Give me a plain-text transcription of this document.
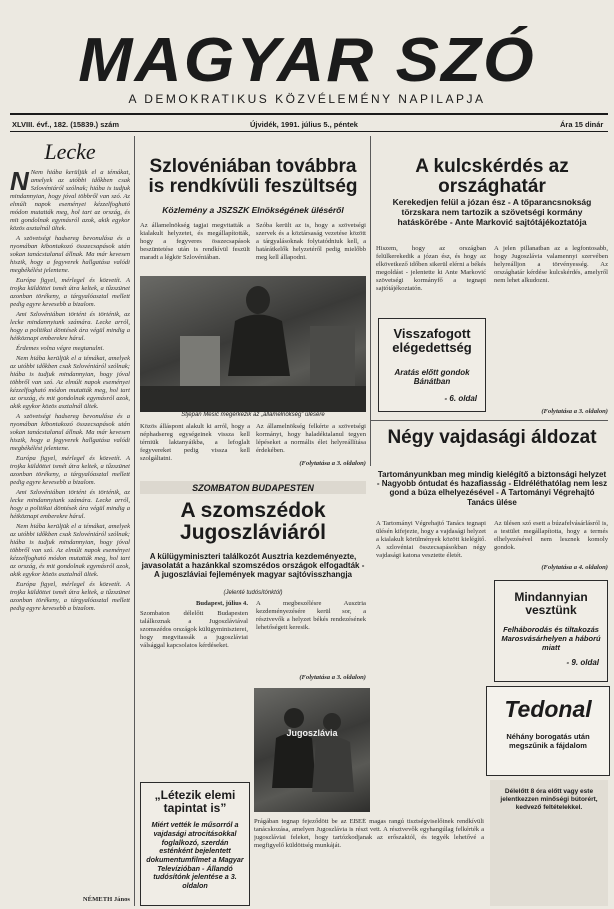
MAGYAR SZÓ
A DEMOKRATIKUS KÖZVÉLEMÉNY NAPILAPJA
XLVIII. évf., 182. (15839.) szám	Újvidék, 1991. július 5., péntek	Ára 15 dinár
Lecke

N Nem hiába kerüljük el a témákat, amelyek az utóbbi időkben csak Szlovéniáról szólnak; hiába is tudjuk mindannyian, hogy jóval többről van szó. Az elmúlt napok eseményei kézzelfogható módon mutatták meg, hol tart az ország, és mit gondolnak egymásról azok, akik egykor közös asztalnál ültek.

A szövetségi hadsereg bevonulása és a nyomában kibontakozó összecsapások után sokan tanácstalanul állnak. Ma már kevesen hiszik, hogy a fegyverek hallgatása valódi megbékélést jelentene.

Európa figyel, mérlegel és közvetít. A trojka küldöttei ismét útra keltek, a tűzszünet azonban törékeny, a tárgyalóasztal mellett pedig egyre kevesebb a bizalom.

Ami Szlovéniában történt és történik, az lecke mindannyiunk számára. Lecke arról, hogy a politikai döntések ára végül mindig a hétköznapi emberekre hárul.

Érdemes volna végre megtanulni.

Nem hiába kerüljük el a témákat, amelyek az utóbbi időkben csak Szlovéniáról szólnak; hiába is tudjuk mindannyian, hogy jóval többről van szó. Az elmúlt napok eseményei kézzelfogható módon mutatták meg, hol tart az ország, és mit gondolnak egymásról azok, akik egykor közös asztalnál ültek.

A szövetségi hadsereg bevonulása és a nyomában kibontakozó összecsapások után sokan tanácstalanul állnak. Ma már kevesen hiszik, hogy a fegyverek hallgatása valódi megbékélést jelentene.

Európa figyel, mérlegel és közvetít. A trojka küldöttei ismét útra keltek, a tűzszünet azonban törékeny, a tárgyalóasztal mellett pedig egyre kevesebb a bizalom.

Ami Szlovéniában történt és történik, az lecke mindannyiunk számára. Lecke arról, hogy a politikai döntések ára végül mindig a hétköznapi emberekre hárul.

Nem hiába kerüljük el a témákat, amelyek az utóbbi időkben csak Szlovéniáról szólnak; hiába is tudjuk mindannyian, hogy jóval többről van szó. Az elmúlt napok eseményei kézzelfogható módon mutatták meg, hol tart az ország, és mit gondolnak egymásról azok, akik egykor közös asztalnál ültek.

Európa figyel, mérlegel és közvetít. A trojka küldöttei ismét útra keltek, a tűzszünet azonban törékeny, a tárgyalóasztal mellett pedig egyre kevesebb a bizalom.

NÉMETH János
Szlovéniában továbbra is rendkívüli feszültség
Közlemény a JSZSZK Elnökségének üléséről
Az államelnökség tagjai megvitatták a kialakult helyzetet, és megállapították, hogy a fegyveres összecsapások beszüntetése után is rendkívül feszült maradt a légkör Szlovéniában.
Szóba került az is, hogy a szövetségi szervek és a köztársaság vezetése között a tárgyalásoknak folytatódniuk kell, a határátkelők helyzetéről pedig mielőbb meg kell állapodni.
Stjepan Mesić megérkezik az „államelnökség” ülésére
Közös álláspont alakult ki arról, hogy a néphadsereg egységeinek vissza kell térniük laktanyáikba, a lefoglalt fegyvereket pedig vissza kell szolgáltatni.
Az államelnökség felkérte a szövetségi kormányt, hogy haladéktalanul tegyen lépéseket a normális élet helyreállítása érdekében.
(Folytatása a 3. oldalon)
A kulcskérdés az országhatár
Kerekedjen felül a józan ész - A tőparancsnokság törzskara nem tartozik a szövetségi kormány hatáskörébe - Ante Marković sajtótájékoztatója
Hiszem, hogy az országban felülkerekedik a józan ész, és hogy az elkövetkező időben sikerül elérni a békés megoldást - jelentette ki Ante Marković szövetségi kormányfő a tegnapi sajtótájékoztatón.
A jelen pillanatban az a legfontosabb, hogy Jugoszlávia valamennyi szervében helyreálljon a törvényesség. Az országhatár kérdése kulcskérdés, amelyről nem lehet alkudozni.
(Folytatása a 3. oldalon)
Visszafogott elégedettség
Aratás előtt gondok Bánátban
- 6. oldal
Négy vajdasági áldozat
Tartományunkban meg mindig kielégítő a biztonsági helyzet - Nagyobb óntudat és hazafiasság - Eldréléthatólag nem lesz gond a búza elhelyezésével - A Tartományi Végrehajtó Tanács ülése
A Tartományi Végrehajtó Tanács tegnapi ülésén kifejezte, hogy a vajdasági helyzet a kialakult körülmények között kielégítő. A szlovéniai összecsapásokban négy vajdasági katona vesztette életét.
Az ülésen szó esett a búzafelvásárlásról is, a testület megállapította, hogy a termés elhelyezésével nem lesznek komoly gondok.
(Folytatása a 4. oldalon)
Mindannyian vesztünk
Felháborodás és tiltakozás Marosvásárhelyen a háború miatt
- 9. oldal
SZOMBATON BUDAPESTEN
A szomszédok Jugoszláviáról
A külügyminiszteri találkozót Ausztria kezdeményezte, javasolatát a hazánkkal szomszédos országok elfogadták - A jugoszláviai fejlemények magyar sajtóvisszhangja
(Jelenté tudósítónktól)
Budapest, július 4.
Szombaton délelőtt Budapesten találkoznak a Jugoszláviával szomszédos országok külügyminiszterei, hogy megvitassák a jugoszláviai válsággal kapcsolatos kérdéseket.
A megbeszélésre Ausztria kezdeményezésére kerül sor, a résztvevők a helyzet békés rendezésének lehetőségeit keresik.
(Folytatása a 3. oldalon)
Jugoszlávia
„Létezik elemi tapintat is”
Miért vették le műsorról a vajdasági atrocitásokkal foglalkozó, szerdán esténként bejelentett dokumentumfilmet a Magyar Televízióban - Állandó tudósítónk jelentése a 3. oldalon
Prágában tegnap fejeződött be az EBEÉ magas rangú tisztségviselőinek rendkívüli tanácskozása, amelyen Jugoszlávia is részt vett. A résztvevők egyhangúlag felkérték a jugoszláviai feleket, hogy tartózkodjanak az erőszaktól, és tegyék lehetővé a megfigyelő küldöttség munkáját.
Tedonal
Néhány borogatás után megszűnik a fájdalom
Délelőtt 8 óra előtt vagy este jelentkezzen minőségi bútorért, kedvező feltételekkel.
